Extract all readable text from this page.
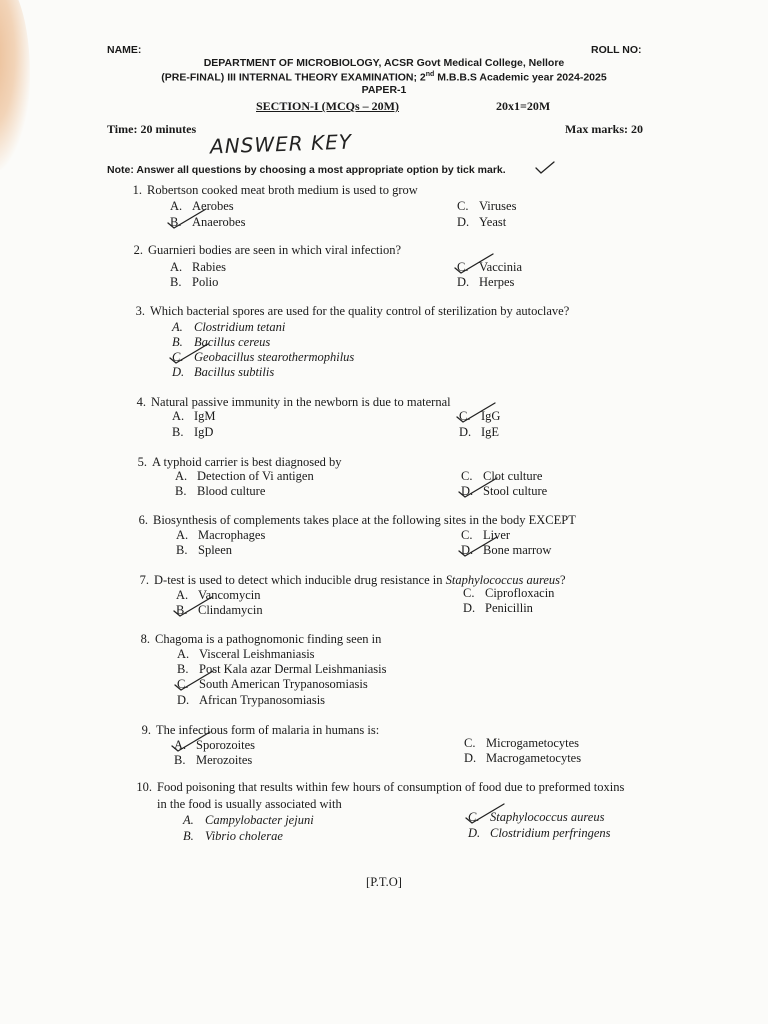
NAME:	ROLL NO:
DEPARTMENT OF MICROBIOLOGY, ACSR Govt Medical College, Nellore
(PRE-FINAL) III INTERNAL THEORY EXAMINATION; 2nd M.B.B.S Academic year 2024-2025
PAPER-1
SECTION-I (MCQs – 20M)	20x1=20M
Time: 20 minutes	Max marks: 20
ANSWER KEY
Note: Answer all questions by choosing a most appropriate option by tick mark.
1. Robertson cooked meat broth medium is used to grow
A. Aerobes
B. Anaerobes
C. Viruses
D. Yeast
2. Guarnieri bodies are seen in which viral infection?
A. Rabies
B. Polio
C. Vaccinia
D. Herpes
3. Which bacterial spores are used for the quality control of sterilization by autoclave?
A. Clostridium tetani
B. Bacillus cereus
C. Geobacillus stearothermophilus
D. Bacillus subtilis
4. Natural passive immunity in the newborn is due to maternal
A. IgM
B. IgD
C. IgG
D. IgE
5. A typhoid carrier is best diagnosed by
A. Detection of Vi antigen
B. Blood culture
C. Clot culture
D. Stool culture
6. Biosynthesis of complements takes place at the following sites in the body EXCEPT
A. Macrophages
B. Spleen
C. Liver
D. Bone marrow
7. D-test is used to detect which inducible drug resistance in Staphylococcus aureus?
A. Vancomycin
B. Clindamycin
C. Ciprofloxacin
D. Penicillin
8. Chagoma is a pathognomonic finding seen in
A. Visceral Leishmaniasis
B. Post Kala azar Dermal Leishmaniasis
C. South American Trypanosomiasis
D. African Trypanosomiasis
9. The infectious form of malaria in humans is:
A. Sporozoites
B. Merozoites
C. Microgametocytes
D. Macrogametocytes
10. Food poisoning that results within few hours of consumption of food due to preformed toxins
in the food is usually associated with
A. Campylobacter jejuni
B. Vibrio cholerae
C. Staphylococcus aureus
D. Clostridium perfringens
[P.T.O]
